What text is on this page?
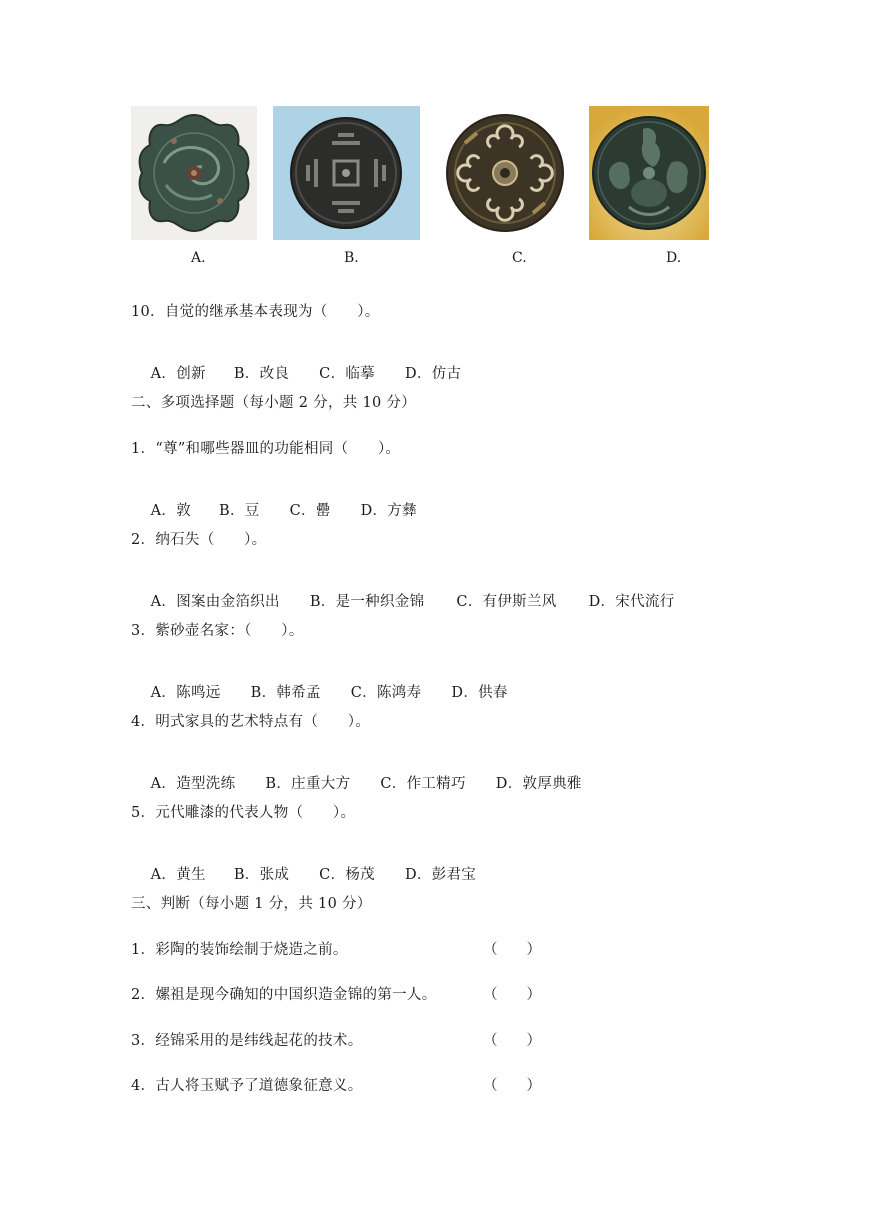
A.	B.	C.	D.
10．自觉的继承基本表现为（　　）。

A．创新 B．改良 C．临摹 D．仿古

二、多项选择题（每小题 2 分，共 10 分）
1．“尊”和哪些器皿的功能相同（　　）。

A．敦 B．豆 C．罍 D．方彝

2．纳石失（　　）。

A．图案由金箔织出 B．是一种织金锦 C．有伊斯兰风 D．宋代流行

3．紫砂壶名家：（　　）。

A．陈鸣远 B．韩希孟 C．陈鸿寿 D．供春

4．明式家具的艺术特点有（　　）。

A．造型洗练 B．庄重大方 C．作工精巧 D．敦厚典雅

5．元代雕漆的代表人物（　　）。

A．黄生 B．张成 C．杨茂 D．彭君宝

三、判断（每小题 1 分，共 10 分）
1．彩陶的装饰绘制于烧造之前。	（　　）
2．嫘祖是现今确知的中国织造金锦的第一人。	（　　）
3．经锦采用的是纬线起花的技术。	（　　）
4．古人将玉赋予了道德象征意义。	（　　）
